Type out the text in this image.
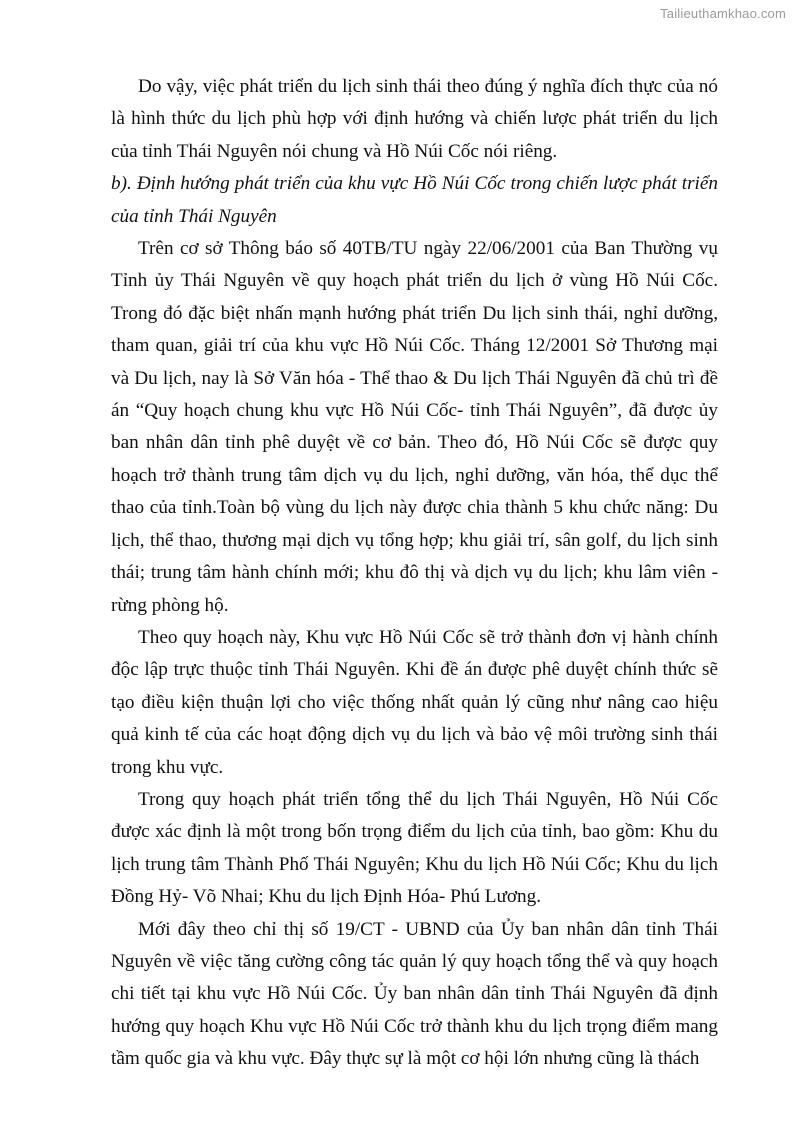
Tailieuthamkhao.com

Do vậy, việc phát triển du lịch sinh thái theo đúng ý nghĩa đích thực của nó là hình thức du lịch phù hợp với định hướng và chiến lược phát triển du lịch của tỉnh Thái Nguyên nói chung và Hồ Núi Cốc nói riêng.

b). Định hướng phát triển của khu vực Hồ Núi Cốc trong chiến lược phát triển của tỉnh Thái Nguyên

Trên cơ sở Thông báo số 40TB/TU ngày 22/06/2001 của Ban Thường vụ Tỉnh ủy Thái Nguyên về quy hoạch phát triển du lịch ở vùng Hồ Núi Cốc. Trong đó đặc biệt nhấn mạnh hướng phát triển Du lịch sinh thái, nghỉ dưỡng, tham quan, giải trí của khu vực Hồ Núi Cốc. Tháng 12/2001 Sở Thương mại và Du lịch, nay là Sở Văn hóa - Thể thao & Du lịch Thái Nguyên đã chủ trì đề án “Quy hoạch chung khu vực Hồ Núi Cốc- tỉnh Thái Nguyên”, đã được ủy ban nhân dân tỉnh phê duyệt về cơ bản. Theo đó, Hồ Núi Cốc sẽ được quy hoạch trở thành trung tâm dịch vụ du lịch, nghỉ dưỡng, văn hóa, thể dục thể thao của tỉnh.Toàn bộ vùng du lịch này được chia thành 5 khu chức năng: Du lịch, thể thao, thương mại dịch vụ tổng hợp; khu giải trí, sân golf, du lịch sinh thái; trung tâm hành chính mới; khu đô thị và dịch vụ du lịch; khu lâm viên - rừng phòng hộ.

Theo quy hoạch này, Khu vực Hồ Núi Cốc sẽ trở thành đơn vị hành chính độc lập trực thuộc tỉnh Thái Nguyên. Khi đề án được phê duyệt chính thức sẽ tạo điều kiện thuận lợi cho việc thống nhất quản lý cũng như nâng cao hiệu quả kinh tế của các hoạt động dịch vụ du lịch và bảo vệ môi trường sinh thái trong khu vực.

Trong quy hoạch phát triển tổng thể du lịch Thái Nguyên, Hồ Núi Cốc được xác định là một trong bốn trọng điểm du lịch của tỉnh, bao gồm: Khu du lịch trung tâm Thành Phố Thái Nguyên; Khu du lịch Hồ Núi Cốc; Khu du lịch Đồng Hỷ- Võ Nhai; Khu du lịch Định Hóa- Phú Lương.

Mới đây theo chỉ thị số 19/CT - UBND của Ủy ban nhân dân tỉnh Thái Nguyên về việc tăng cường công tác quản lý quy hoạch tổng thể và quy hoạch chi tiết tại khu vực Hồ Núi Cốc. Ủy ban nhân dân tỉnh Thái Nguyên đã định hướng quy hoạch Khu vực Hồ Núi Cốc trở thành khu du lịch trọng điểm mang tầm quốc gia và khu vực. Đây thực sự là một cơ hội lớn nhưng cũng là thách
